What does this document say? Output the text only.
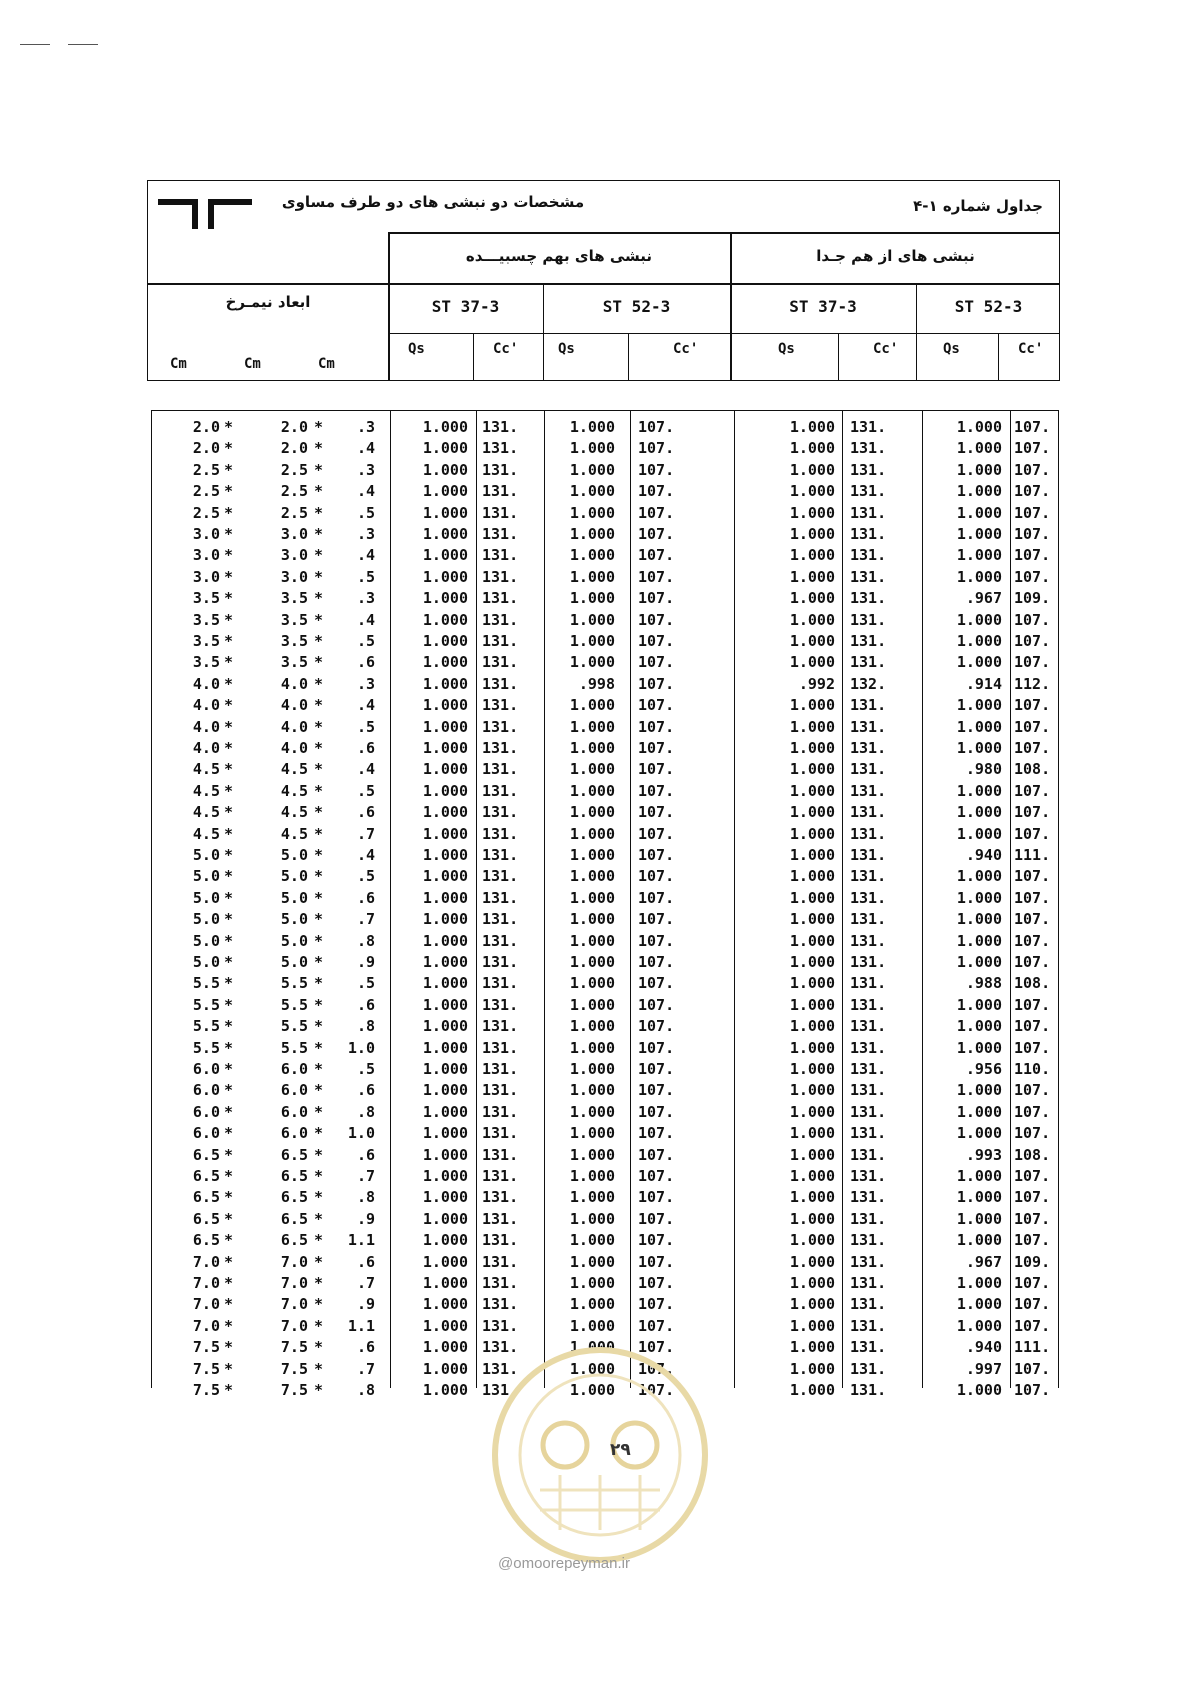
مشخصات دو نبشی های دو طرف مساوی	جداول شماره ۱-۴
نبشی های بهم چسبیـــده	نبشی های از هم جـدا
ابعاد نیمـرخ
Cm	Cm	Cm
ST 37-3	ST 52-3	ST 37-3	ST 52-3
Qs	Cc'	Qs	Cc'	Qs	Cc'	Qs	Cc'
2.0 *	2.0 * .3	1.000 131.	1.000 107.	1.000 131.	1.000 107.
2.0 *	2.0 * .4	1.000 131.	1.000 107.	1.000 131.	1.000 107.
2.5 *	2.5 * .3	1.000 131.	1.000 107.	1.000 131.	1.000 107.
2.5 *	2.5 * .4	1.000 131.	1.000 107.	1.000 131.	1.000 107.
2.5 *	2.5 * .5	1.000 131.	1.000 107.	1.000 131.	1.000 107.
3.0 *	3.0 * .3	1.000 131.	1.000 107.	1.000 131.	1.000 107.
3.0 *	3.0 * .4	1.000 131.	1.000 107.	1.000 131.	1.000 107.
3.0 *	3.0 * .5	1.000 131.	1.000 107.	1.000 131.	1.000 107.
3.5 *	3.5 * .3	1.000 131.	1.000 107.	1.000 131.	.967 109.
3.5 *	3.5 * .4	1.000 131.	1.000 107.	1.000 131.	1.000 107.
3.5 *	3.5 * .5	1.000 131.	1.000 107.	1.000 131.	1.000 107.
3.5 *	3.5 * .6	1.000 131.	1.000 107.	1.000 131.	1.000 107.
4.0 *	4.0 * .3	1.000 131.	.998 107.	.992 132.	.914 112.
4.0 *	4.0 * .4	1.000 131.	1.000 107.	1.000 131.	1.000 107.
4.0 *	4.0 * .5	1.000 131.	1.000 107.	1.000 131.	1.000 107.
4.0 *	4.0 * .6	1.000 131.	1.000 107.	1.000 131.	1.000 107.
4.5 *	4.5 * .4	1.000 131.	1.000 107.	1.000 131.	.980 108.
4.5 *	4.5 * .5	1.000 131.	1.000 107.	1.000 131.	1.000 107.
4.5 *	4.5 * .6	1.000 131.	1.000 107.	1.000 131.	1.000 107.
4.5 *	4.5 * .7	1.000 131.	1.000 107.	1.000 131.	1.000 107.
5.0 *	5.0 * .4	1.000 131.	1.000 107.	1.000 131.	.940 111.
5.0 *	5.0 * .5	1.000 131.	1.000 107.	1.000 131.	1.000 107.
5.0 *	5.0 * .6	1.000 131.	1.000 107.	1.000 131.	1.000 107.
5.0 *	5.0 * .7	1.000 131.	1.000 107.	1.000 131.	1.000 107.
5.0 *	5.0 * .8	1.000 131.	1.000 107.	1.000 131.	1.000 107.
5.0 *	5.0 * .9	1.000 131.	1.000 107.	1.000 131.	1.000 107.
5.5 *	5.5 * .5	1.000 131.	1.000 107.	1.000 131.	.988 108.
5.5 *	5.5 * .6	1.000 131.	1.000 107.	1.000 131.	1.000 107.
5.5 *	5.5 * .8	1.000 131.	1.000 107.	1.000 131.	1.000 107.
5.5 *	5.5 * 1.0	1.000 131.	1.000 107.	1.000 131.	1.000 107.
6.0 *	6.0 * .5	1.000 131.	1.000 107.	1.000 131.	.956 110.
6.0 *	6.0 * .6	1.000 131.	1.000 107.	1.000 131.	1.000 107.
6.0 *	6.0 * .8	1.000 131.	1.000 107.	1.000 131.	1.000 107.
6.0 *	6.0 * 1.0	1.000 131.	1.000 107.	1.000 131.	1.000 107.
6.5 *	6.5 * .6	1.000 131.	1.000 107.	1.000 131.	.993 108.
6.5 *	6.5 * .7	1.000 131.	1.000 107.	1.000 131.	1.000 107.
6.5 *	6.5 * .8	1.000 131.	1.000 107.	1.000 131.	1.000 107.
6.5 *	6.5 * .9	1.000 131.	1.000 107.	1.000 131.	1.000 107.
6.5 *	6.5 * 1.1	1.000 131.	1.000 107.	1.000 131.	1.000 107.
7.0 *	7.0 * .6	1.000 131.	1.000 107.	1.000 131.	.967 109.
7.0 *	7.0 * .7	1.000 131.	1.000 107.	1.000 131.	1.000 107.
7.0 *	7.0 * .9	1.000 131.	1.000 107.	1.000 131.	1.000 107.
7.0 *	7.0 * 1.1	1.000 131.	1.000 107.	1.000 131.	1.000 107.
7.5 *	7.5 * .6	1.000 131.	1.000 107.	1.000 131.	.940 111.
7.5 *	7.5 * .7	1.000 131.	1.000 107.	1.000 131.	.997 107.
7.5 *	7.5 * .8	1.000 131.	1.000 107.	1.000 131.	1.000 107.
۲۹
@omoorepeyman.ir
